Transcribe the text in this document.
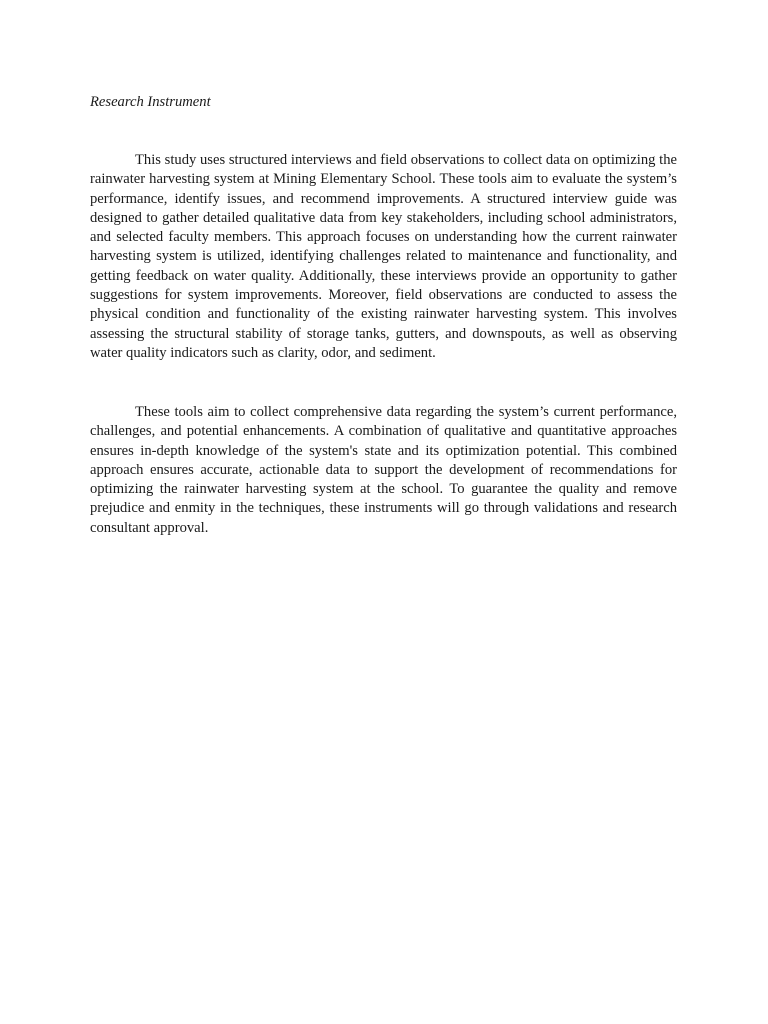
Research Instrument

This study uses structured interviews and field observations to collect data on optimizing the rainwater harvesting system at Mining Elementary School. These tools aim to evaluate the system’s performance, identify issues, and recommend improvements. A structured interview guide was designed to gather detailed qualitative data from key stakeholders, including school administrators, and selected faculty members. This approach focuses on understanding how the current rainwater harvesting system is utilized, identifying challenges related to maintenance and functionality, and getting feedback on water quality. Additionally, these interviews provide an opportunity to gather suggestions for system improvements. Moreover, field observations are conducted to assess the physical condition and functionality of the existing rainwater harvesting system. This involves assessing the structural stability of storage tanks, gutters, and downspouts, as well as observing water quality indicators such as clarity, odor, and sediment.

These tools aim to collect comprehensive data regarding the system’s current performance, challenges, and potential enhancements. A combination of qualitative and quantitative approaches ensures in-depth knowledge of the system's state and its optimization potential. This combined approach ensures accurate, actionable data to support the development of recommendations for optimizing the rainwater harvesting system at the school. To guarantee the quality and remove prejudice and enmity in the techniques, these instruments will go through validations and research consultant approval.
